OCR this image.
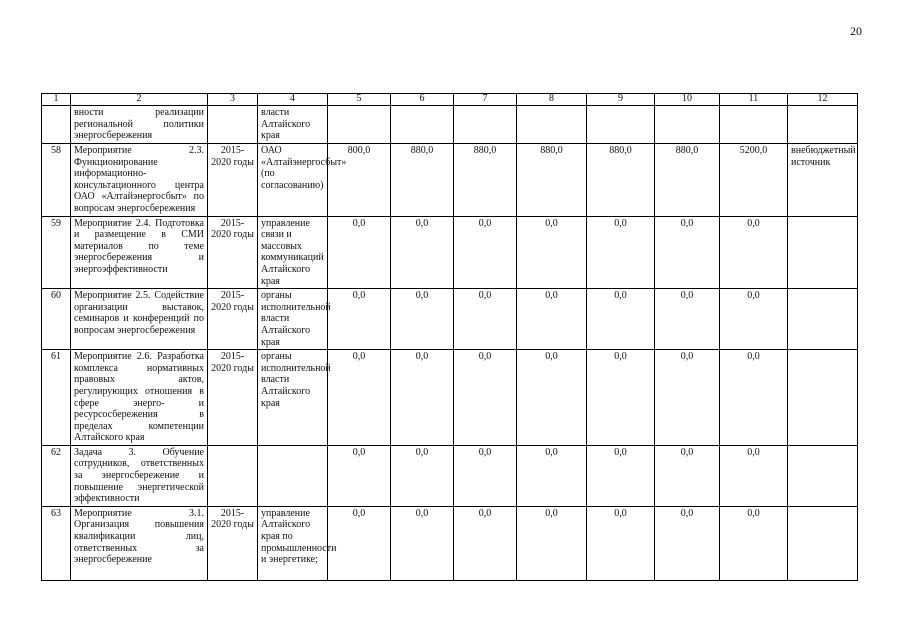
20
1	2	3	4	5	6	7	8	9	10	11	12
	вности реализации региональной политики энергосбережения		власти Алтайского края								
58	Мероприятие 2.3. Функционирование информационно-консультационного центра ОАО «Алтайэнергосбыт» по вопросам энергосбережения	2015-2020 годы	ОАО «Алтайэнергосбыт» (по согласованию)	800,0	880,0	880,0	880,0	880,0	880,0	5200,0	внебюджетный источник
59	Мероприятие 2.4. Подготовка и размещение в СМИ материалов по теме энергосбережения и энергоэффективности	2015-2020 годы	управление связи и массовых коммуникаций Алтайского края	0,0	0,0	0,0	0,0	0,0	0,0	0,0	
60	Мероприятие 2.5. Содействие организации выставок, семинаров и конференций по вопросам энергосбережения	2015-2020 годы	органы исполнительной власти Алтайского края	0,0	0,0	0,0	0,0	0,0	0,0	0,0	
61	Мероприятие 2.6. Разработка комплекса нормативных правовых актов, регулирующих отношения в сфере энерго- и ресурсосбережения в пределах компетенции Алтайского края	2015-2020 годы	органы исполнительной власти Алтайского края	0,0	0,0	0,0	0,0	0,0	0,0	0,0	
62	Задача 3. Обучение сотрудников, ответственных за энергосбережение и повышение энергетической эффективности			0,0	0,0	0,0	0,0	0,0	0,0	0,0	
63	Мероприятие 3.1. Организация повышения квалификации лиц, ответственных за энергосбережение	2015-2020 годы	управление Алтайского края по промышленности и энергетике;	0,0	0,0	0,0	0,0	0,0	0,0	0,0	
